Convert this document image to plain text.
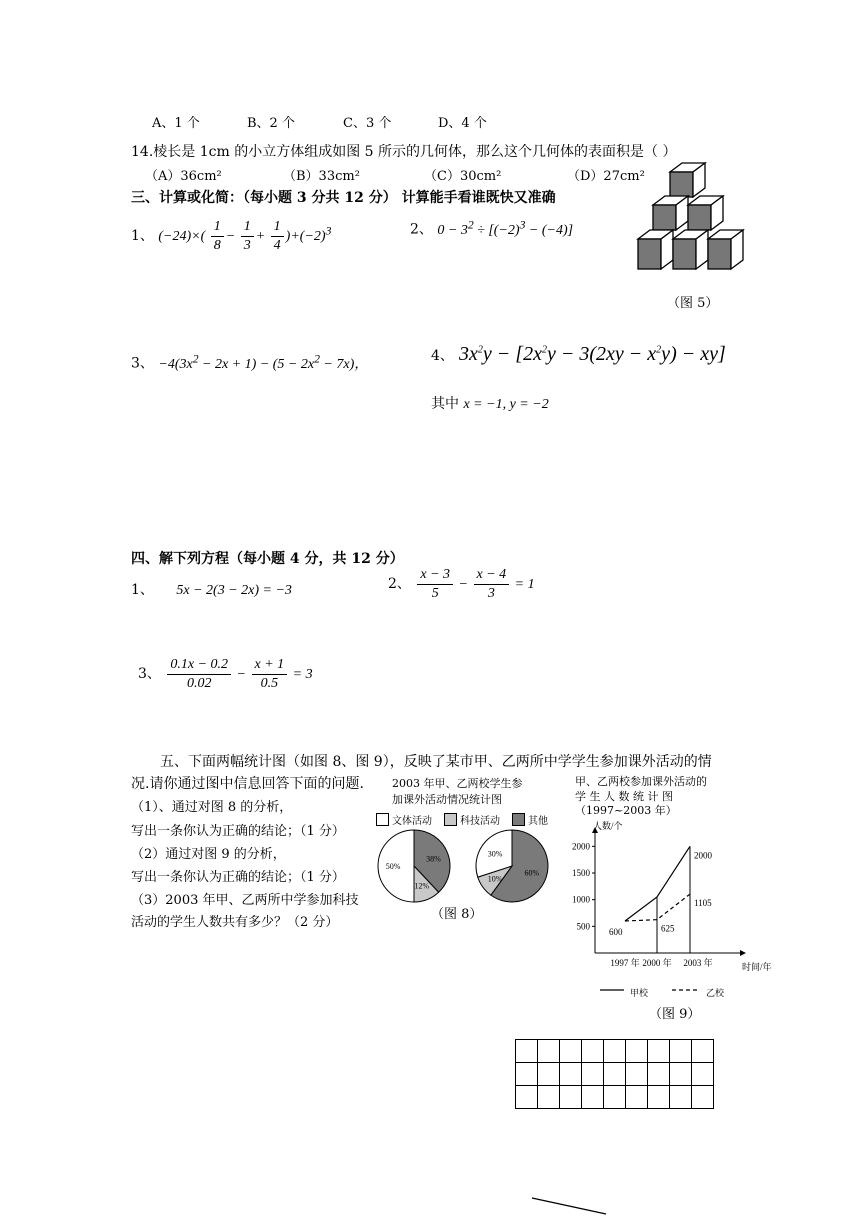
A、1 个	B、2 个	C、3 个	D、4 个
14.棱长是 1cm 的小立方体组成如图 5 所示的几何体，那么这个几何体的表面积是（ ）
（A）36cm²	（B）33cm²	（C）30cm²	（D）27cm²
（图 5）
三、计算或化简：（每小题 3 分共 12 分） 计算能手看谁既快又准确
1、 $(-24)\times( \frac{1}{8} - \frac{1}{3} + \frac{1}{4} )+(-2)^3$	2、 $0 - 3^2 \div [(-2)^3 - (-4)]$
3、 $-4(3x^2 - 2x + 1) - (5 - 2x^2 - 7x)$，
4、 $3x^2y - [2x^2y - 3(2xy - x^2y) - xy]$
其中 x = −1, y = −2
四、解下列方程（每小题 4 分，共 12 分）
1、 5x − 2(3 − 2x) = −3	2、 $\frac{x - 3}{5} - \frac{x - 4}{3} = 1$
3、 $\frac{0.1x - 0.2}{0.02} - \frac{x + 1}{0.5} = 3$
五、下面两幅统计图（如图 8、图 9），反映了某市甲、乙两所中学学生参加课外活动的情
况.请你通过图中信息回答下面的问题.
（1）、通过对图 8 的分析，
写出一条你认为正确的结论；（1 分）
（2）通过对图 9 的分析，
写出一条你认为正确的结论；（1 分）
（3）2003 年甲、乙两所中学参加科技
活动的学生人数共有多少？（2 分）
2003 年甲、乙两校学生参
加课外活动情况统计图
文体活动	科技活动	其他
38%
12%
50%
60%
10%
30%
（图 8）
甲、乙两校参加课外活动的
学 生 人 数 统 计 图
（1997~2003 年）
人数/个
时间/年
500
1000
1500
2000
1997 年 2000 年 2003 年
600
2000
625
1105
甲校	乙校
（图 9）
